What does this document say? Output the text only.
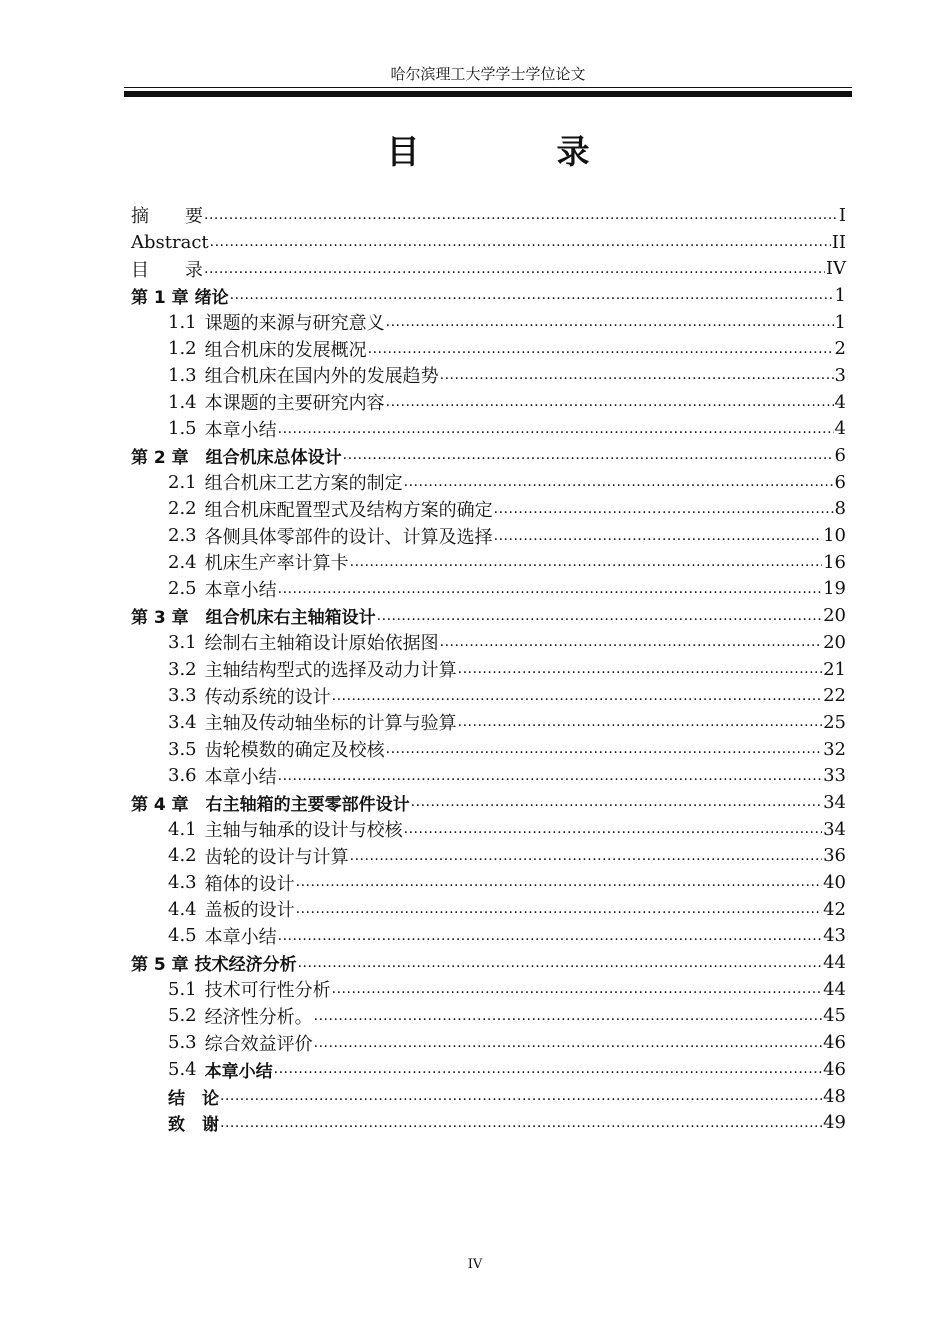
哈尔滨理工大学学士学位论文
目　录
摘　　要 .....	I
Abstract .....	II
目　　录 .....	IV
第 1 章 绪论 .....	1
1.1 课题的来源与研究意义 .....	1
1.2 组合机床的发展概况 .....	2
1.3 组合机床在国内外的发展趋势 .....	3
1.4 本课题的主要研究内容 .....	4
1.5 本章小结 .....	4
第 2 章　组合机床总体设计 .....	6
2.1 组合机床工艺方案的制定 .....	6
2.2 组合机床配置型式及结构方案的确定 .....	8
2.3 各侧具体零部件的设计、计算及选择 .....	10
2.4 机床生产率计算卡 .....	16
2.5 本章小结 .....	19
第 3 章　组合机床右主轴箱设计 .....	20
3.1 绘制右主轴箱设计原始依据图 .....	20
3.2 主轴结构型式的选择及动力计算 .....	21
3.3 传动系统的设计 .....	22
3.4 主轴及传动轴坐标的计算与验算 .....	25
3.5 齿轮模数的确定及校核 .....	32
3.6 本章小结 .....	33
第 4 章　右主轴箱的主要零部件设计 .....	34
4.1 主轴与轴承的设计与校核 .....	34
4.2 齿轮的设计与计算 .....	36
4.3 箱体的设计 .....	40
4.4 盖板的设计 .....	42
4.5 本章小结 .....	43
第 5 章 技术经济分析 .....	44
5.1 技术可行性分析 .....	44
5.2 经济性分析。 .....	45
5.3 综合效益评价 .....	46
5.4 本章小结 .....	46
结　论 .....	48
致　谢 .....	49
IV
